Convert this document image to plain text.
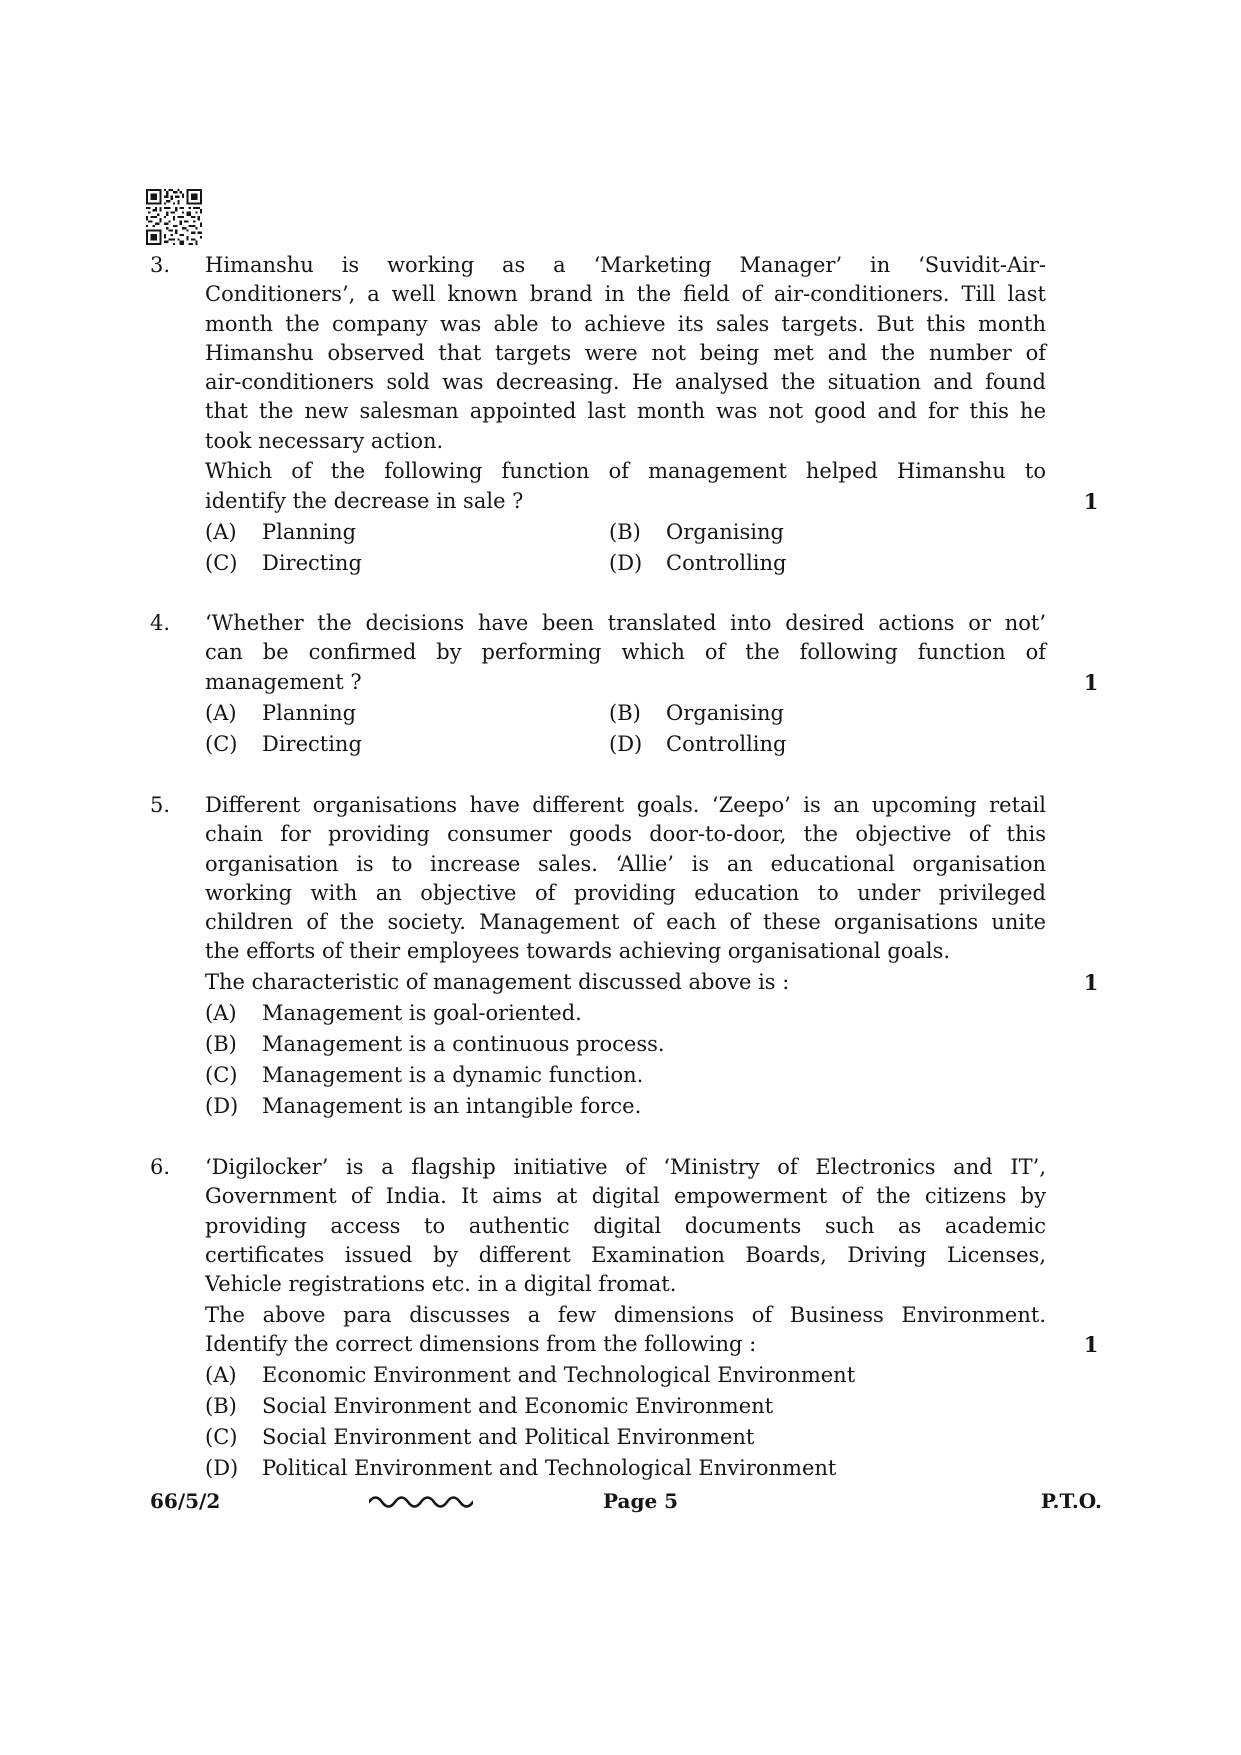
3. Himanshu is working as a ‘Marketing Manager’ in ‘Suvidit-Air-
Conditioners’, a well known brand in the field of air-conditioners. Till last
month the company was able to achieve its sales targets. But this month
Himanshu observed that targets were not being met and the number of
air-conditioners sold was decreasing. He analysed the situation and found
that the new salesman appointed last month was not good and for this he
took necessary action.
Which of the following function of management helped Himanshu to
identify the decrease in sale ?	1
(A) Planning	(B) Organising
(C) Directing	(D) Controlling
4. ‘Whether the decisions have been translated into desired actions or not’
can be confirmed by performing which of the following function of
management ?	1
(A) Planning	(B) Organising
(C) Directing	(D) Controlling
5. Different organisations have different goals. ‘Zeepo’ is an upcoming retail
chain for providing consumer goods door-to-door, the objective of this
organisation is to increase sales. ‘Allie’ is an educational organisation
working with an objective of providing education to under privileged
children of the society. Management of each of these organisations unite
the efforts of their employees towards achieving organisational goals.
The characteristic of management discussed above is :	1
(A) Management is goal-oriented.
(B) Management is a continuous process.
(C) Management is a dynamic function.
(D) Management is an intangible force.
6. ‘Digilocker’ is a flagship initiative of ‘Ministry of Electronics and IT’,
Government of India. It aims at digital empowerment of the citizens by
providing access to authentic digital documents such as academic
certificates issued by different Examination Boards, Driving Licenses,
Vehicle registrations etc. in a digital fromat.
The above para discusses a few dimensions of Business Environment.
Identify the correct dimensions from the following :	1
(A) Economic Environment and Technological Environment
(B) Social Environment and Economic Environment
(C) Social Environment and Political Environment
(D) Political Environment and Technological Environment
66/5/2	Page 5	P.T.O.
